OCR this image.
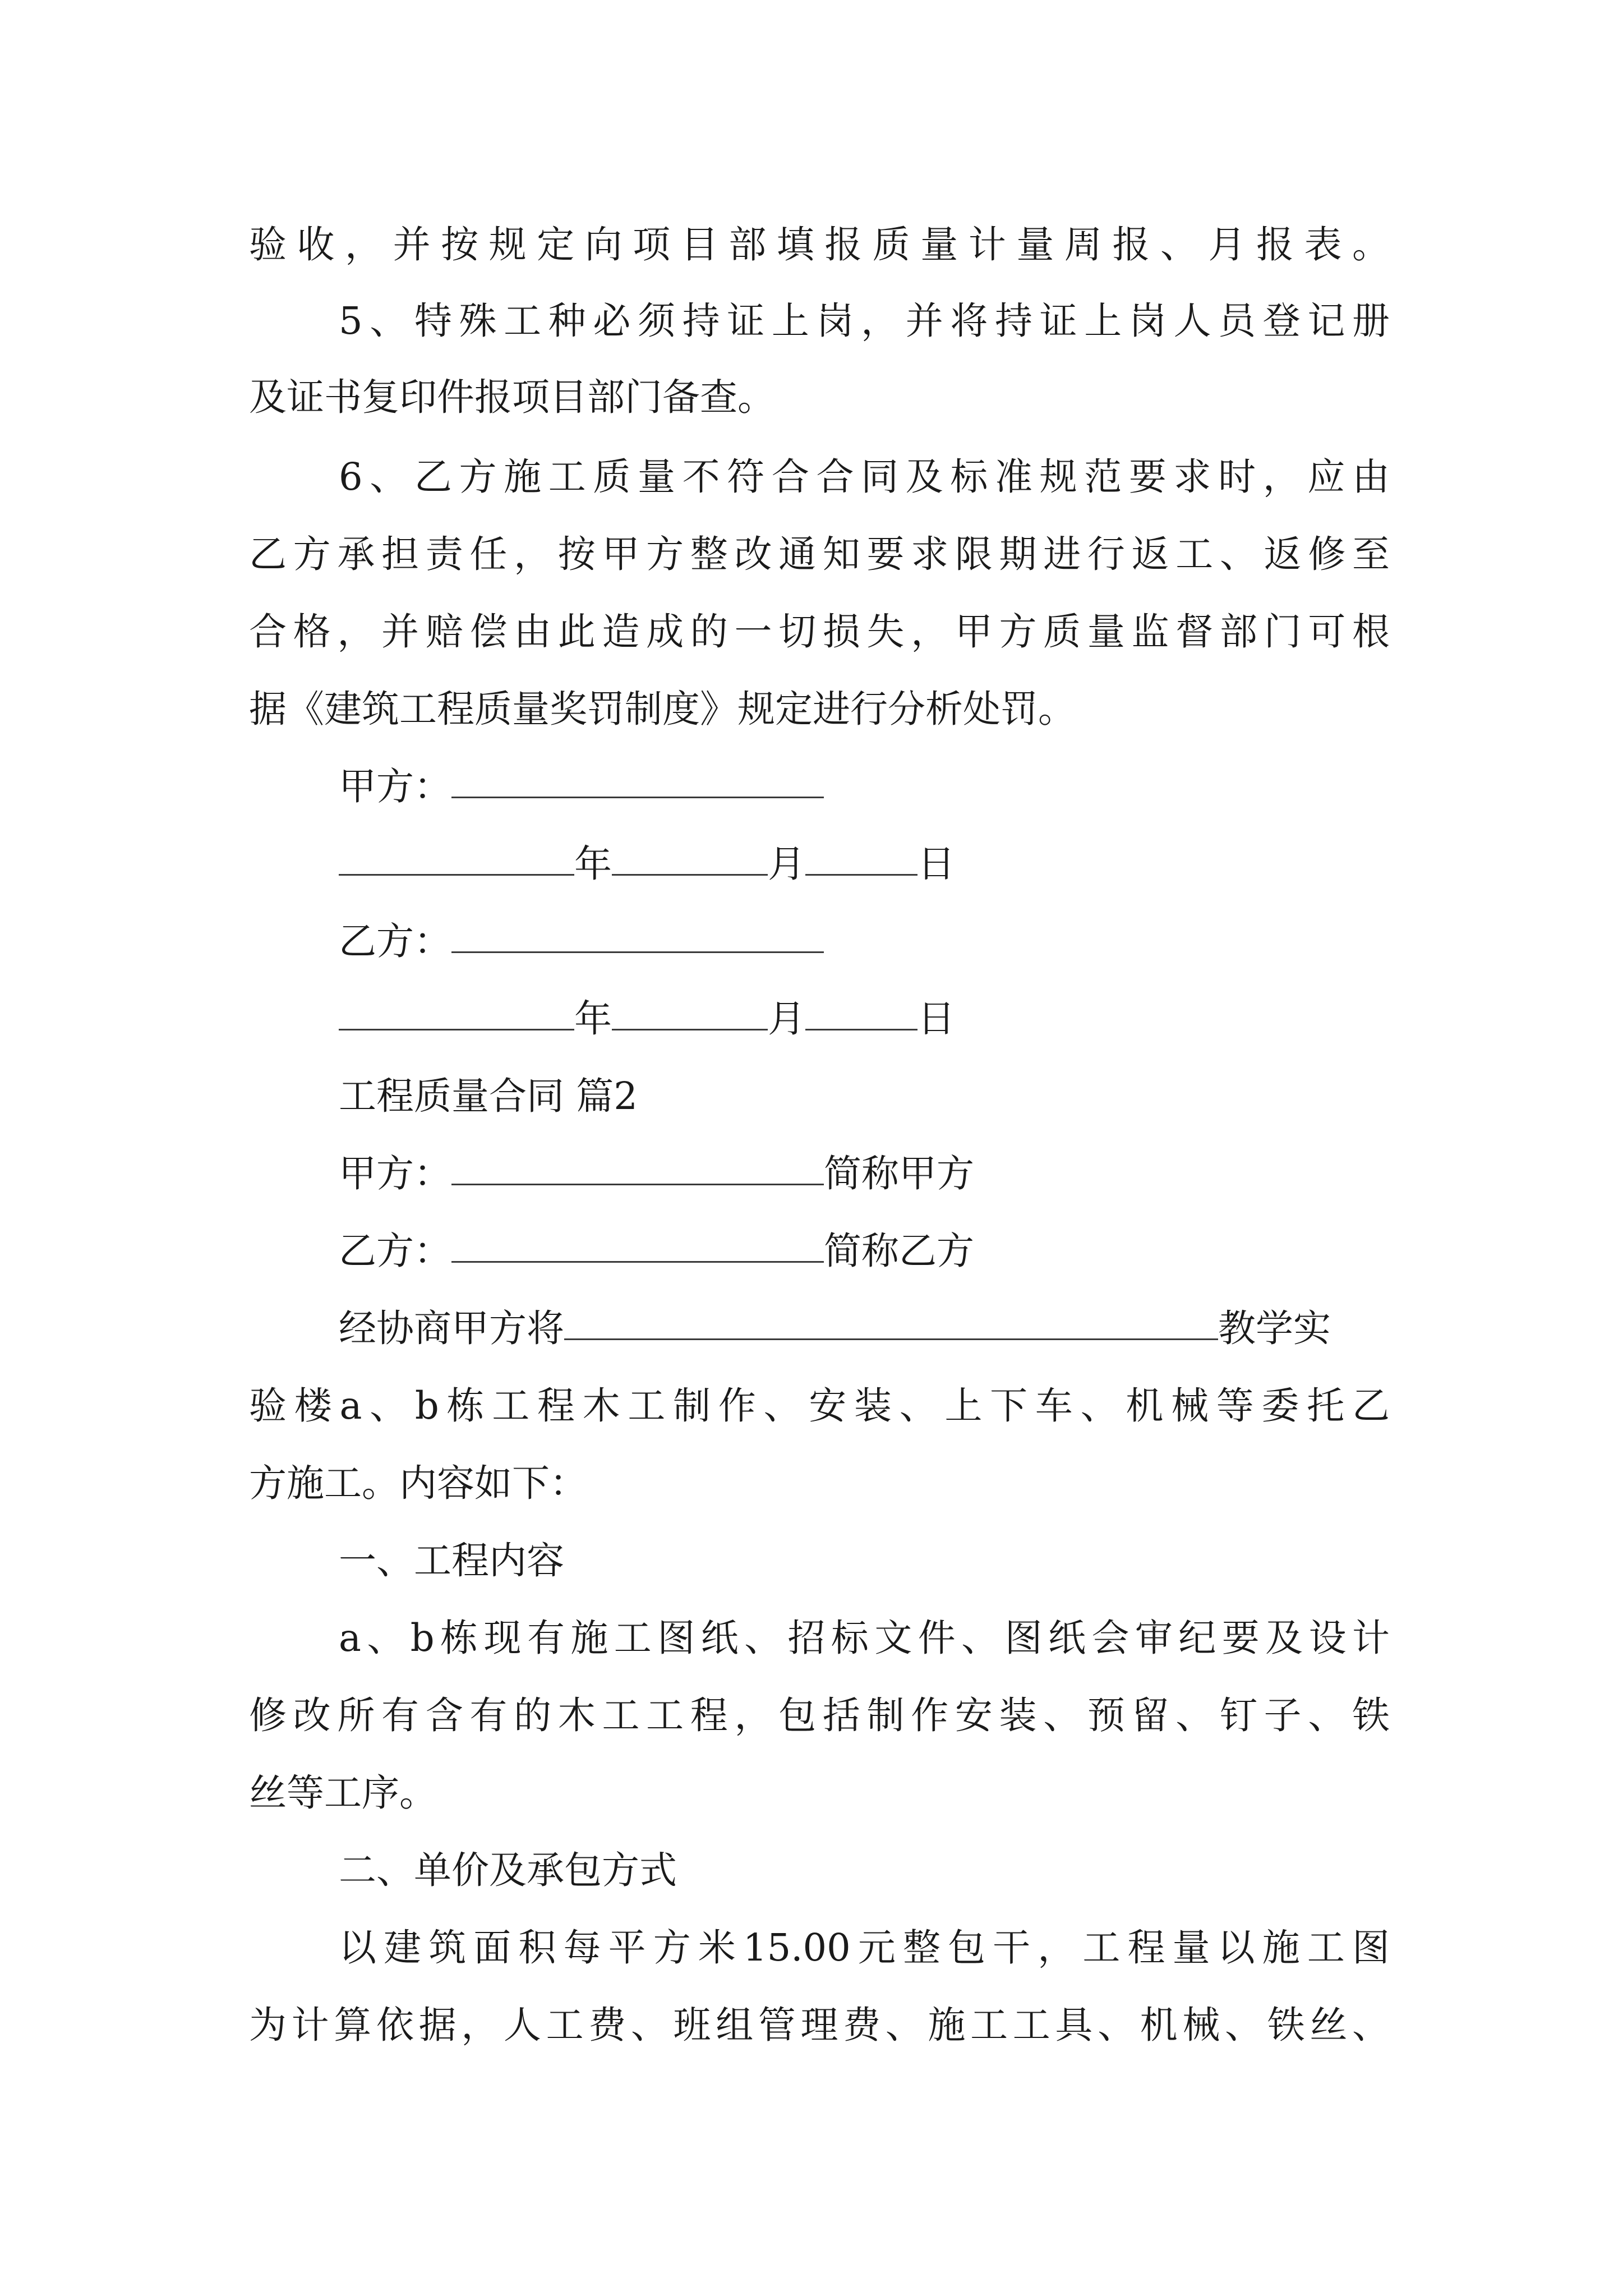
验收，并按规定向项目部填报质量计量周报、月报表。
5、特殊工种必须持证上岗，并将持证上岗人员登记册
及证书复印件报项目部门备查。
6、乙方施工质量不符合合同及标准规范要求时，应由
乙方承担责任，按甲方整改通知要求限期进行返工、返修至
合格，并赔偿由此造成的一切损失，甲方质量监督部门可根
据《建筑工程质量奖罚制度》规定进行分析处罚。
甲方：
年	月	日
乙方：
年	月	日
工程质量合同 篇2
甲方：	简称甲方
乙方：	简称乙方
经协商甲方将	教学实
验楼a、b栋工程木工制作、安装、上下车、机械等委托乙
方施工。内容如下：
一、工程内容
a、b栋现有施工图纸、招标文件、图纸会审纪要及设计
修改所有含有的木工工程，包括制作安装、预留、钉子、铁
丝等工序。
二、单价及承包方式
以建筑面积每平方米15.00元整包干，工程量以施工图
为计算依据，人工费、班组管理费、施工工具、机械、铁丝、
